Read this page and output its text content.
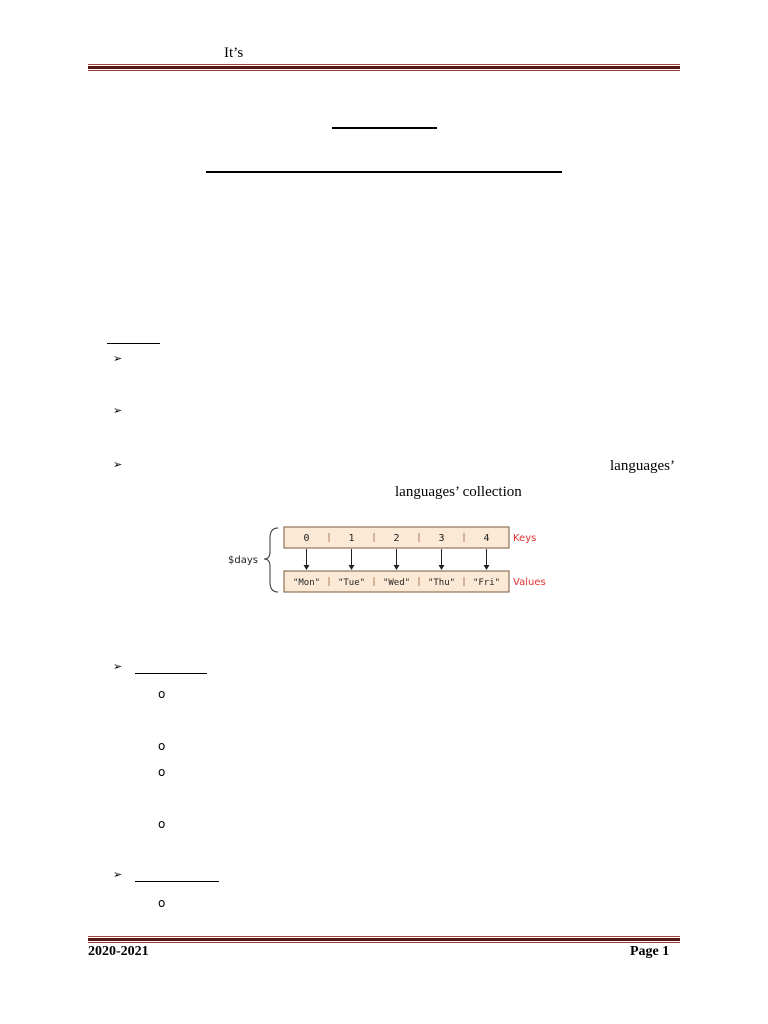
It’s
➢
➢
➢	languages’
languages’ collection
$days
0	1	2	3	4
"Mon" "Tue" "Wed" "Thu" "Fri"
Keys
Values
➢
o
o
o
o
➢
o
2020-2021	Page 1
